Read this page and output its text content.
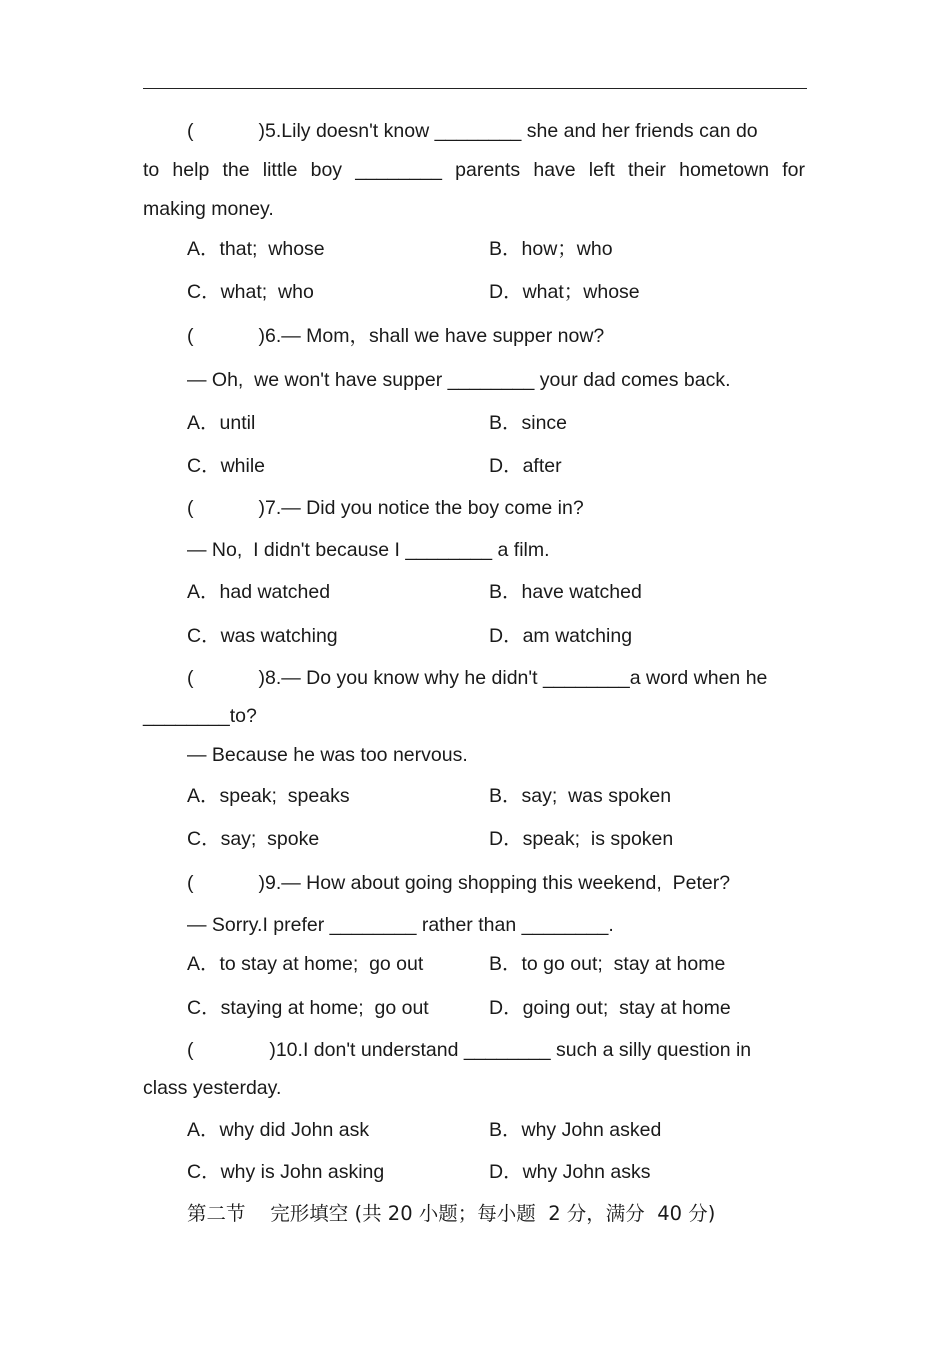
(            )5.Lily doesn't know ________ she and her friends can do
to help the little boy ________ parents have left their hometown for
making money.
A．that;  whose	B．how；who
C．what;  who	D．what；whose
(            )6.— Mom，shall we have supper now?
— Oh,  we won't have supper ________ your dad comes back.
A．until	B．since
C．while	D．after
(            )7.— Did you notice the boy come in?
— No,  I didn't because I ________ a film.
A．had watched	B．have watched
C．was watching	D．am watching
(            )8.— Do you know why he didn't ________a word when he
________to?
— Because he was too nervous.
A．speak;  speaks	B．say;  was spoken
C．say;  spoke	D．speak;  is spoken
(            )9.— How about going shopping this weekend,  Peter?
— Sorry.I prefer ________ rather than ________.
A．to stay at home;  go out	B．to go out;  stay at home
C．staying at home;  go out	D．going out;  stay at home
(              )10.I don't understand ________ such a silly question in
class yesterday.
A．why did John ask	B．why John asked
C．why is John asking	D．why John asks
第二节    完形填空 (共 20 小题；每小题  2 分，满分  40 分)
